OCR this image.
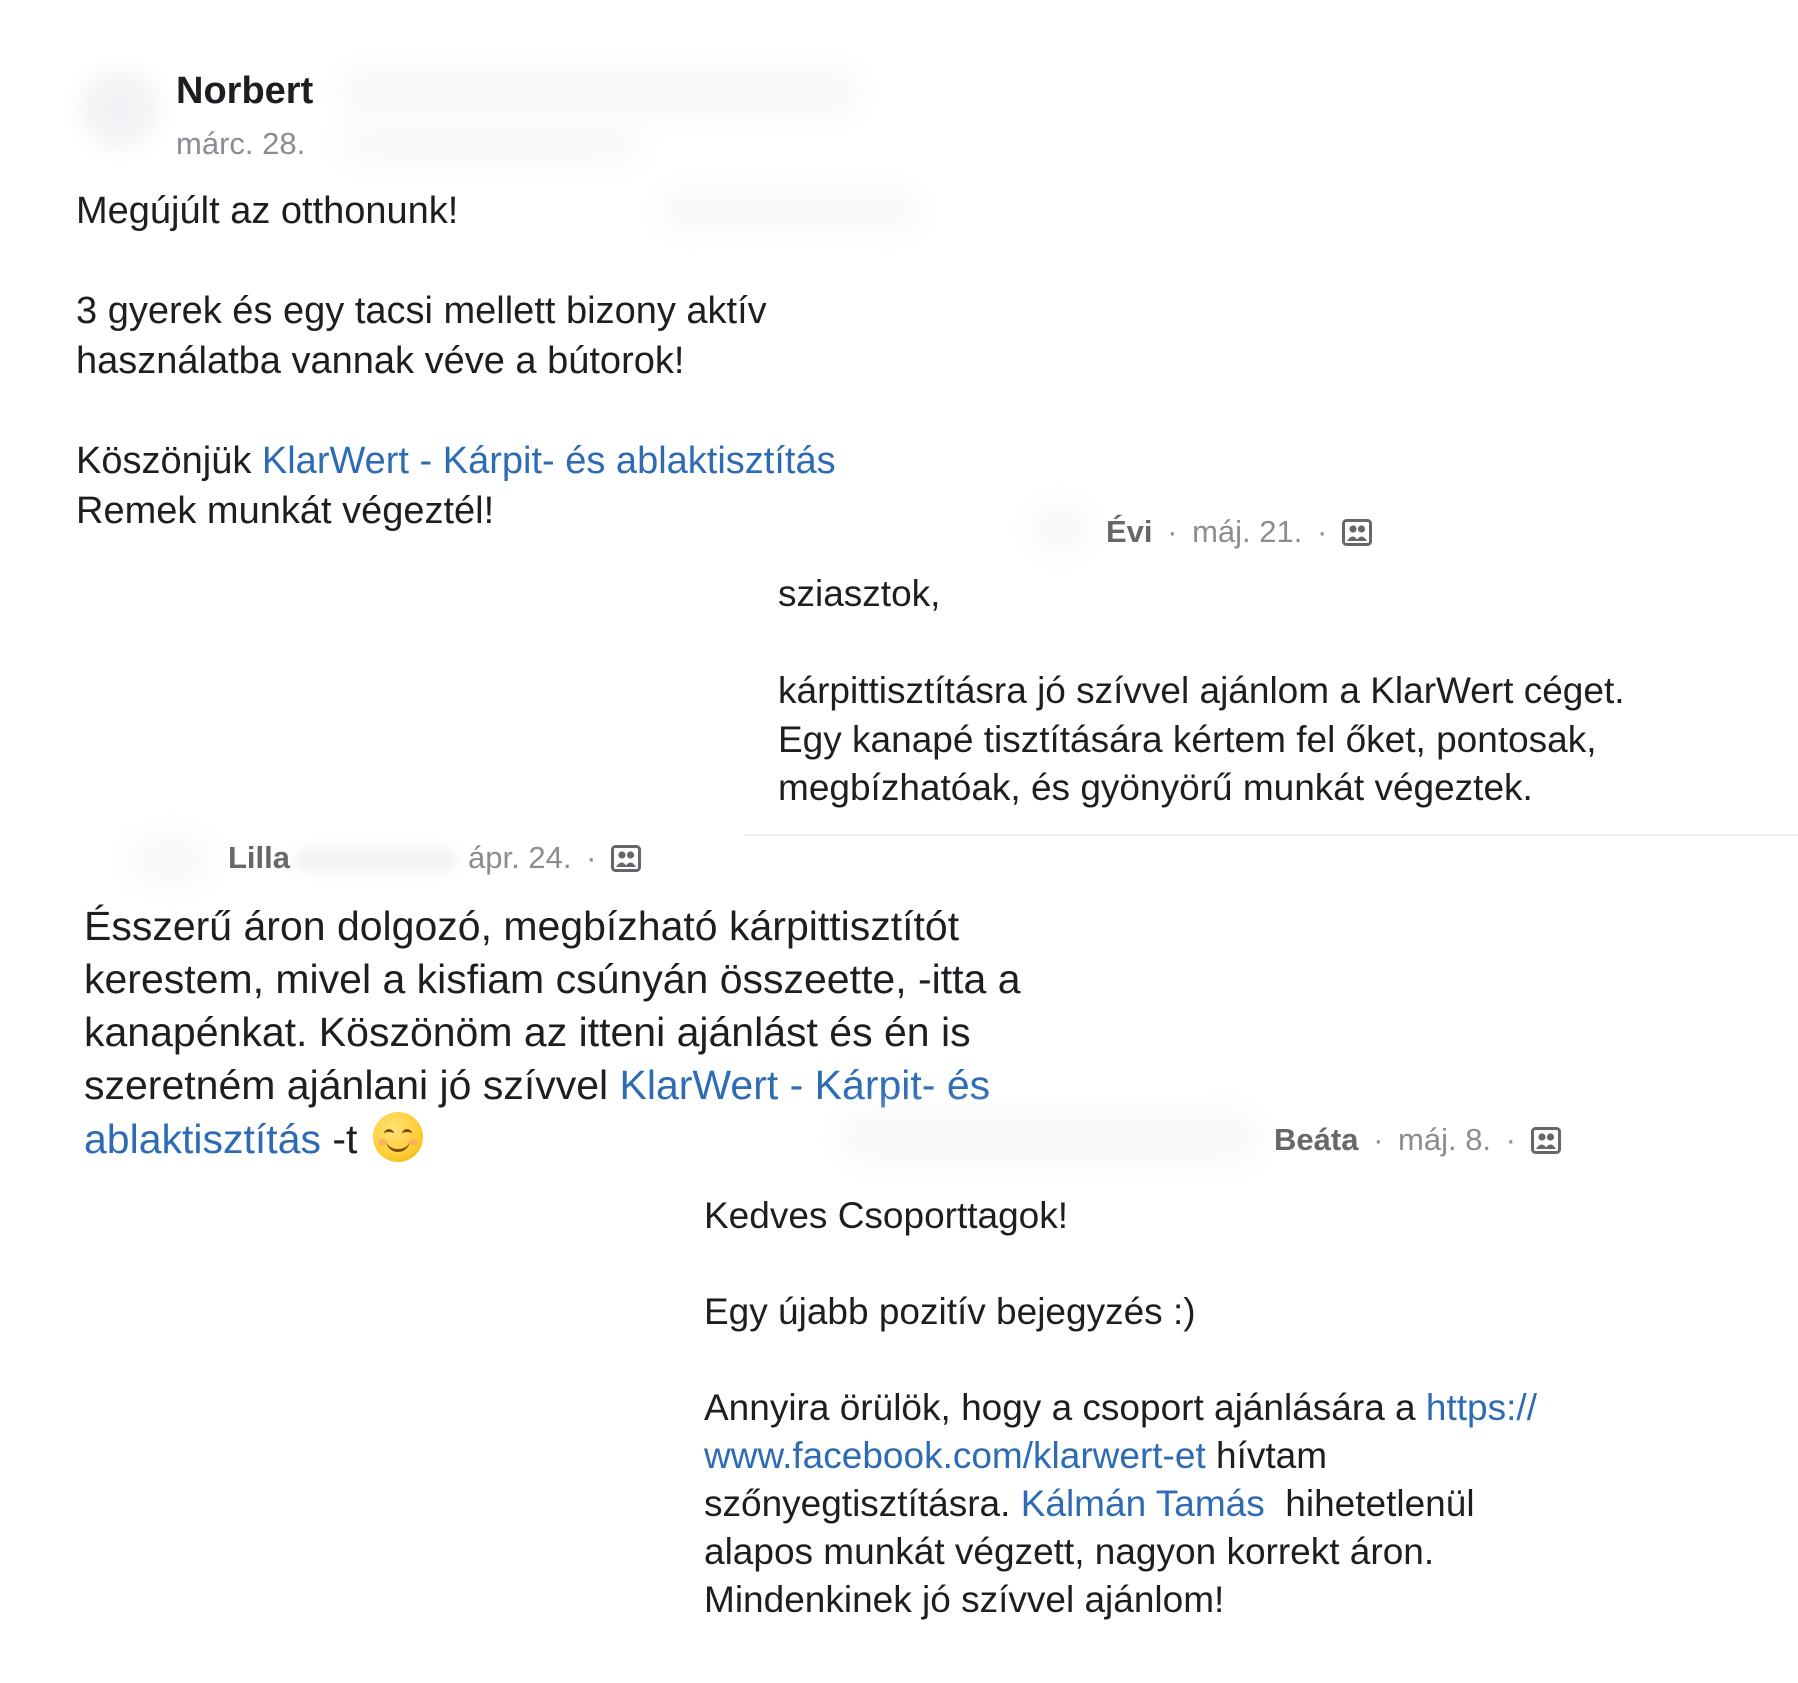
Norbert
márc. 28.
Megújúlt az otthonunk!
3 gyerek és egy tacsi mellett bizony aktív
használatba vannak véve a bútorok!
Köszönjük KlarWert - Kárpit- és ablaktisztítás
Remek munkát végeztél!	Évi · máj. 21. ·
sziasztok,
kárpittisztításra jó szívvel ajánlom a KlarWert céget.
Egy kanapé tisztítására kértem fel őket, pontosak,
megbízhatóak, és gyönyörű munkát végeztek.
Lilla	ápr. 24. ·
Ésszerű áron dolgozó, megbízható kárpittisztítót
kerestem, mivel a kisfiam csúnyán összeette, -itta a
kanapénkat. Köszönöm az itteni ajánlást és én is
szeretném ajánlani jó szívvel KlarWert - Kárpit- és
ablaktisztítás -t	Beáta · máj. 8. ·
Kedves Csoporttagok!
Egy újabb pozitív bejegyzés :)
Annyira örülök, hogy a csoport ajánlására a https://
www.facebook.com/klarwert-et hívtam
szőnyegtisztításra. Kálmán Tamás  hihetetlenül
alapos munkát végzett, nagyon korrekt áron.
Mindenkinek jó szívvel ajánlom!
